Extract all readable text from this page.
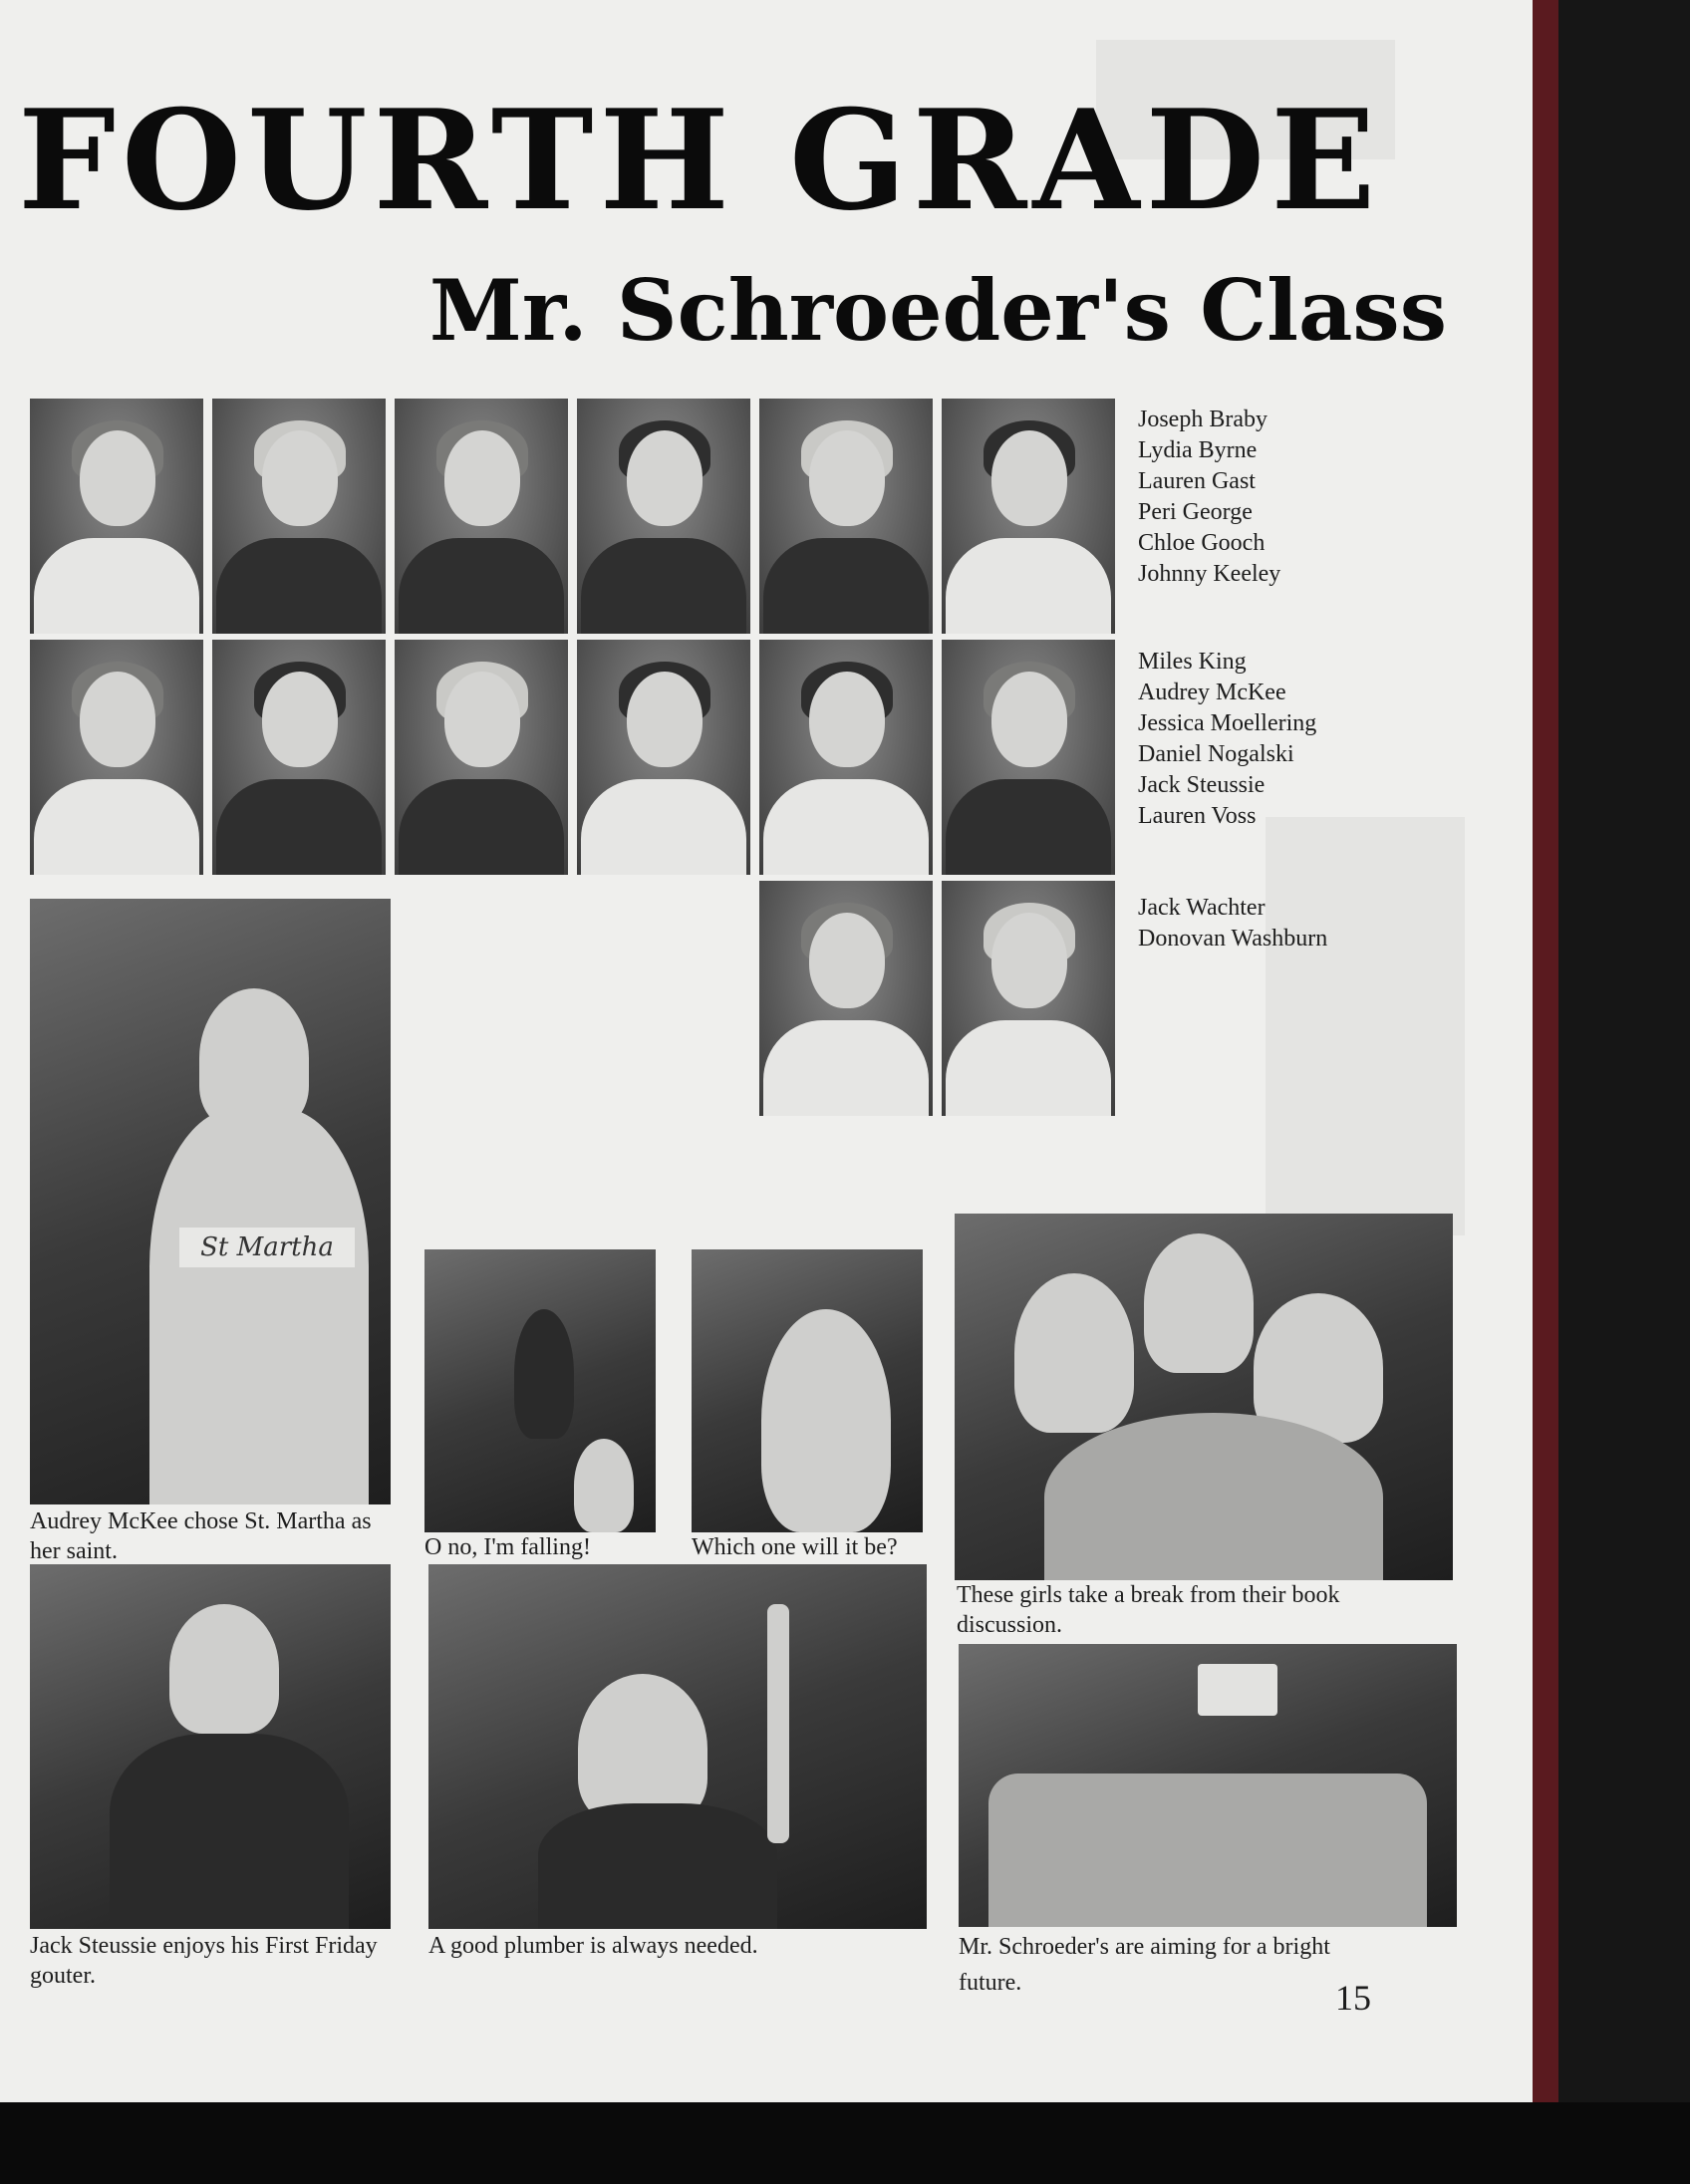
FOURTH GRADE
Mr. Schroeder's Class
Joseph Braby
Lydia Byrne
Lauren Gast
Peri George
Chloe Gooch
Johnny Keeley
Miles King
Audrey McKee
Jessica Moellering
Daniel Nogalski
Jack Steussie
Lauren Voss
Jack Wachter
Donovan Washburn
St Martha
Audrey McKee chose St. Martha as her saint.	O no, I'm falling!	Which one will it be?
These girls take a break from their book discussion.
Jack Steussie enjoys his First Friday gouter.
A good plumber is always needed.	Mr. Schroeder's are aiming for a bright future.	15
